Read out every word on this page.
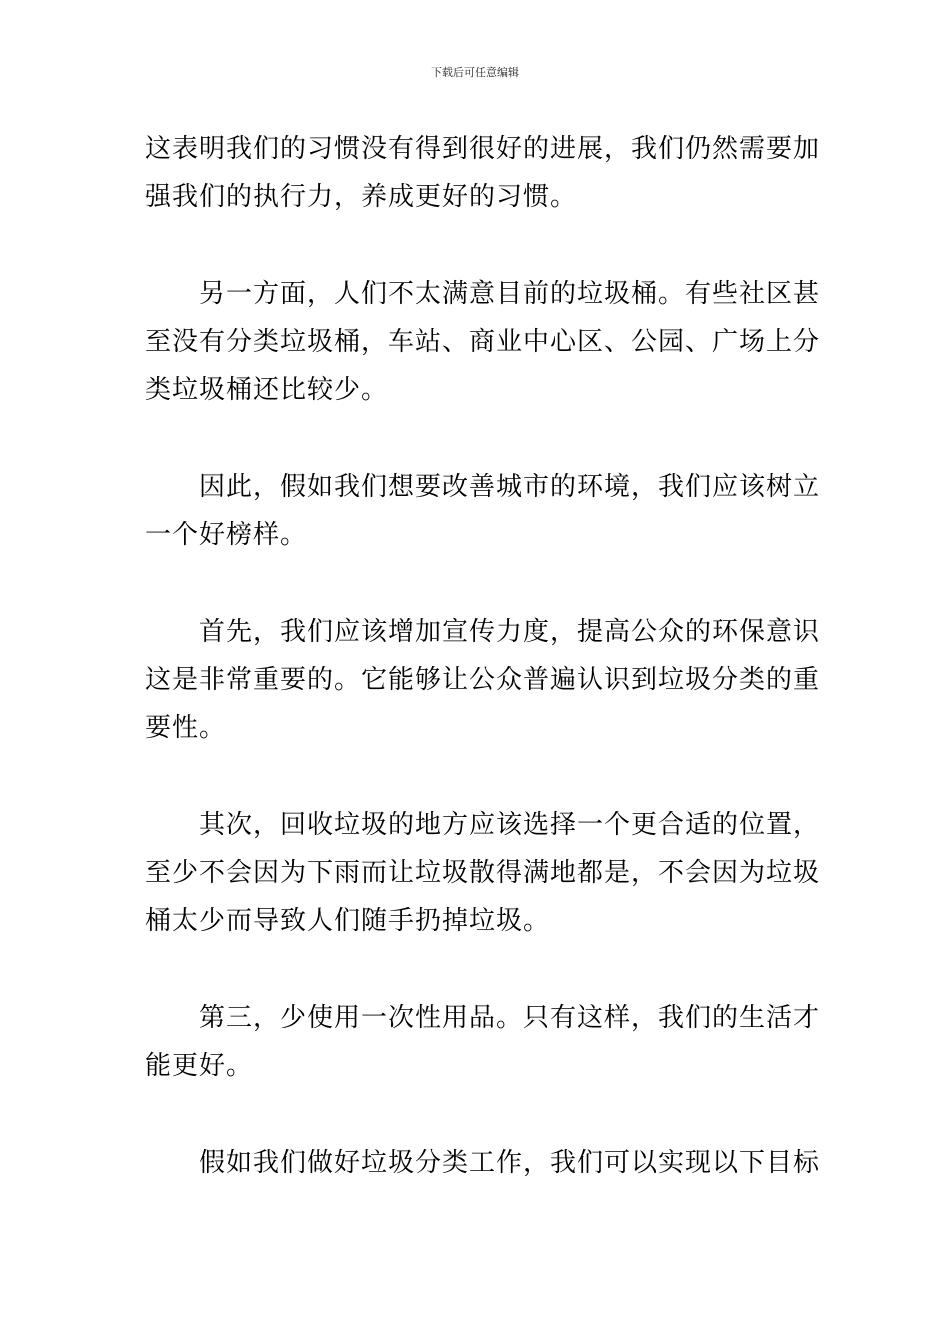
下载后可任意编辑

这表明我们的习惯没有得到很好的进展，我们仍然需要加
强我们的执行力，养成更好的习惯。

另一方面，人们不太满意目前的垃圾桶。有些社区甚
至没有分类垃圾桶，车站、商业中心区、公园、广场上分
类垃圾桶还比较少。

因此，假如我们想要改善城市的环境，我们应该树立
一个好榜样。

首先，我们应该增加宣传力度，提高公众的环保意识
这是非常重要的。它能够让公众普遍认识到垃圾分类的重
要性。

其次，回收垃圾的地方应该选择一个更合适的位置，
至少不会因为下雨而让垃圾散得满地都是，不会因为垃圾
桶太少而导致人们随手扔掉垃圾。

第三，少使用一次性用品。只有这样，我们的生活才
能更好。

假如我们做好垃圾分类工作，我们可以实现以下目标
